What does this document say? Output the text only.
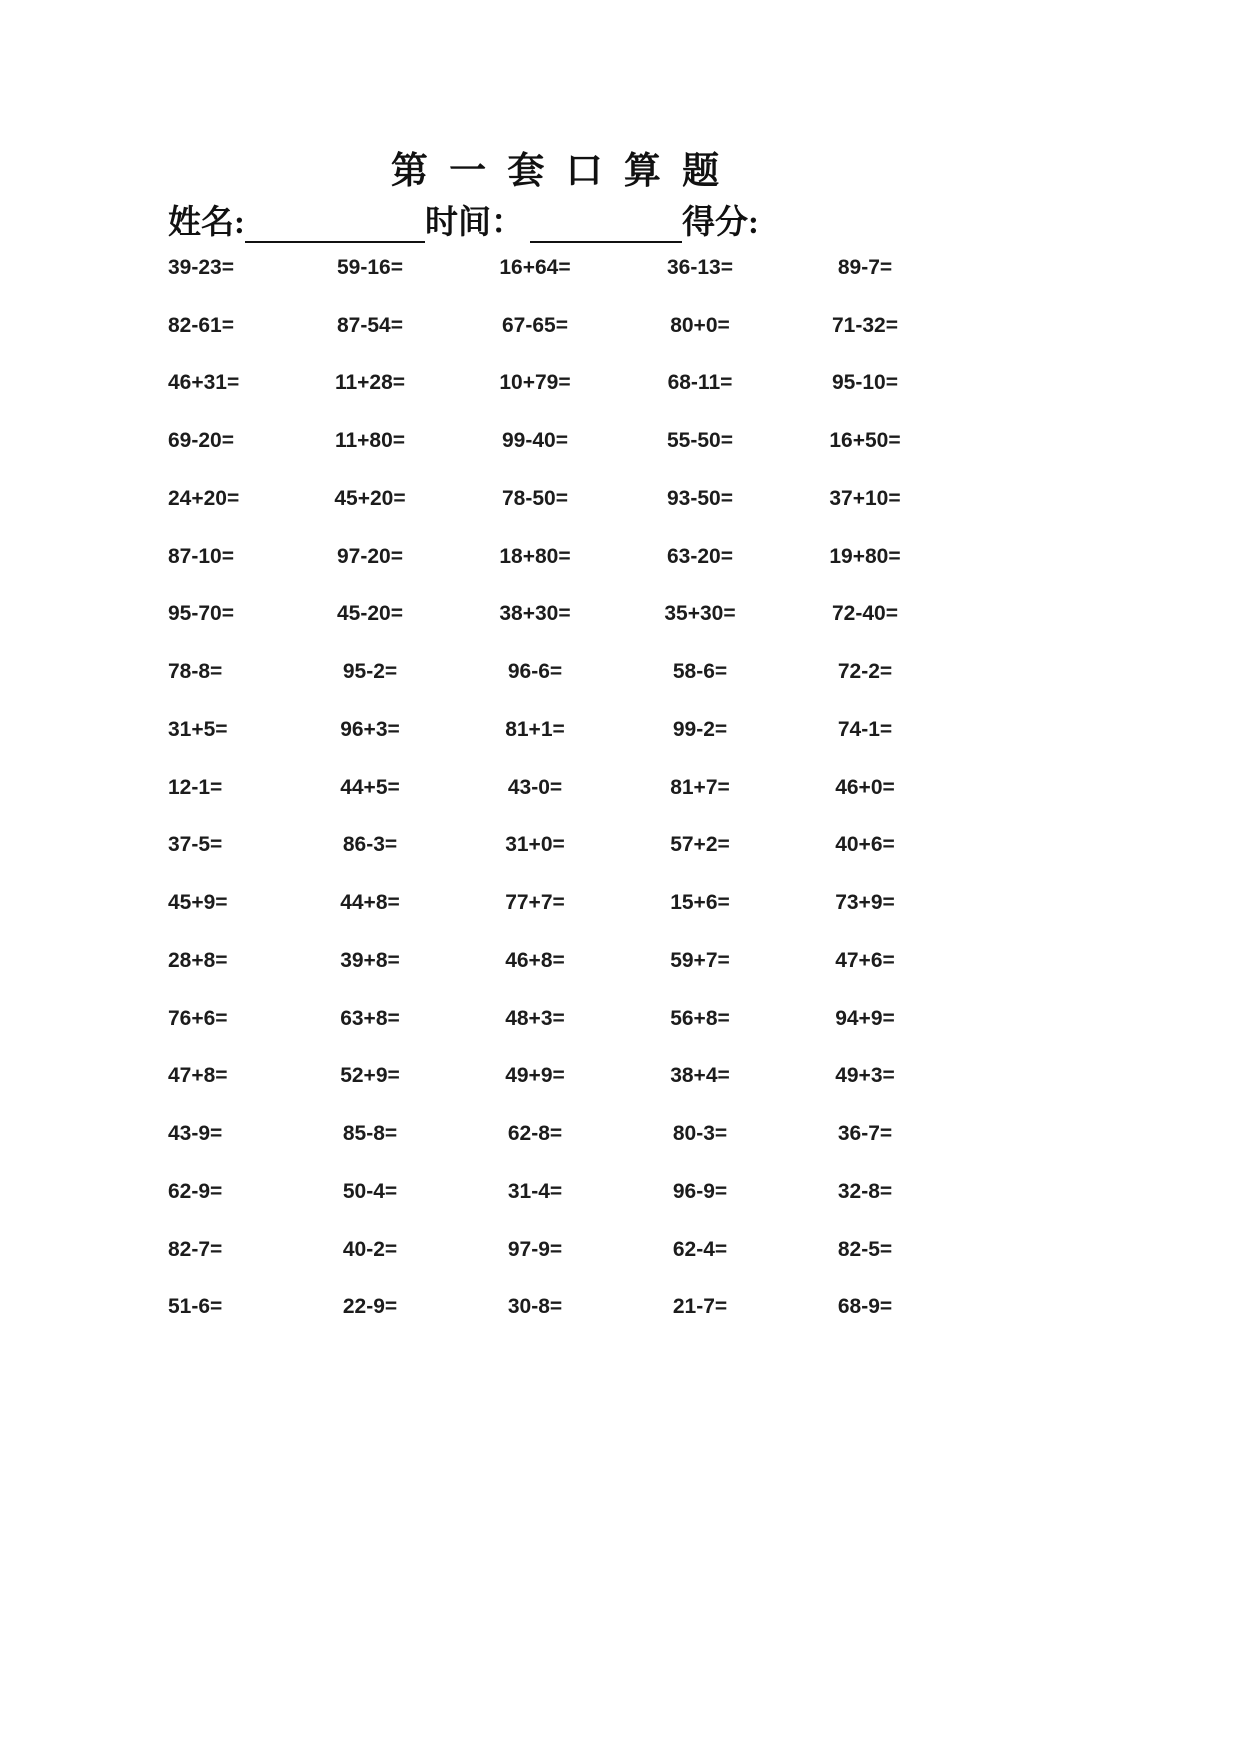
第 一 套 口 算 题
姓名:	时间：	得分:
39-23=	59-16=	16+64=	36-13=	89-7=
82-61=	87-54=	67-65=	80+0=	71-32=
46+31=	11+28=	10+79=	68-11=	95-10=
69-20=	11+80=	99-40=	55-50=	16+50=
24+20=	45+20=	78-50=	93-50=	37+10=
87-10=	97-20=	18+80=	63-20=	19+80=
95-70=	45-20=	38+30=	35+30=	72-40=
78-8=	95-2=	96-6=	58-6=	72-2=
31+5=	96+3=	81+1=	99-2=	74-1=
12-1=	44+5=	43-0=	81+7=	46+0=
37-5=	86-3=	31+0=	57+2=	40+6=
45+9=	44+8=	77+7=	15+6=	73+9=
28+8=	39+8=	46+8=	59+7=	47+6=
76+6=	63+8=	48+3=	56+8=	94+9=
47+8=	52+9=	49+9=	38+4=	49+3=
43-9=	85-8=	62-8=	80-3=	36-7=
62-9=	50-4=	31-4=	96-9=	32-8=
82-7=	40-2=	97-9=	62-4=	82-5=
51-6=	22-9=	30-8=	21-7=	68-9=
